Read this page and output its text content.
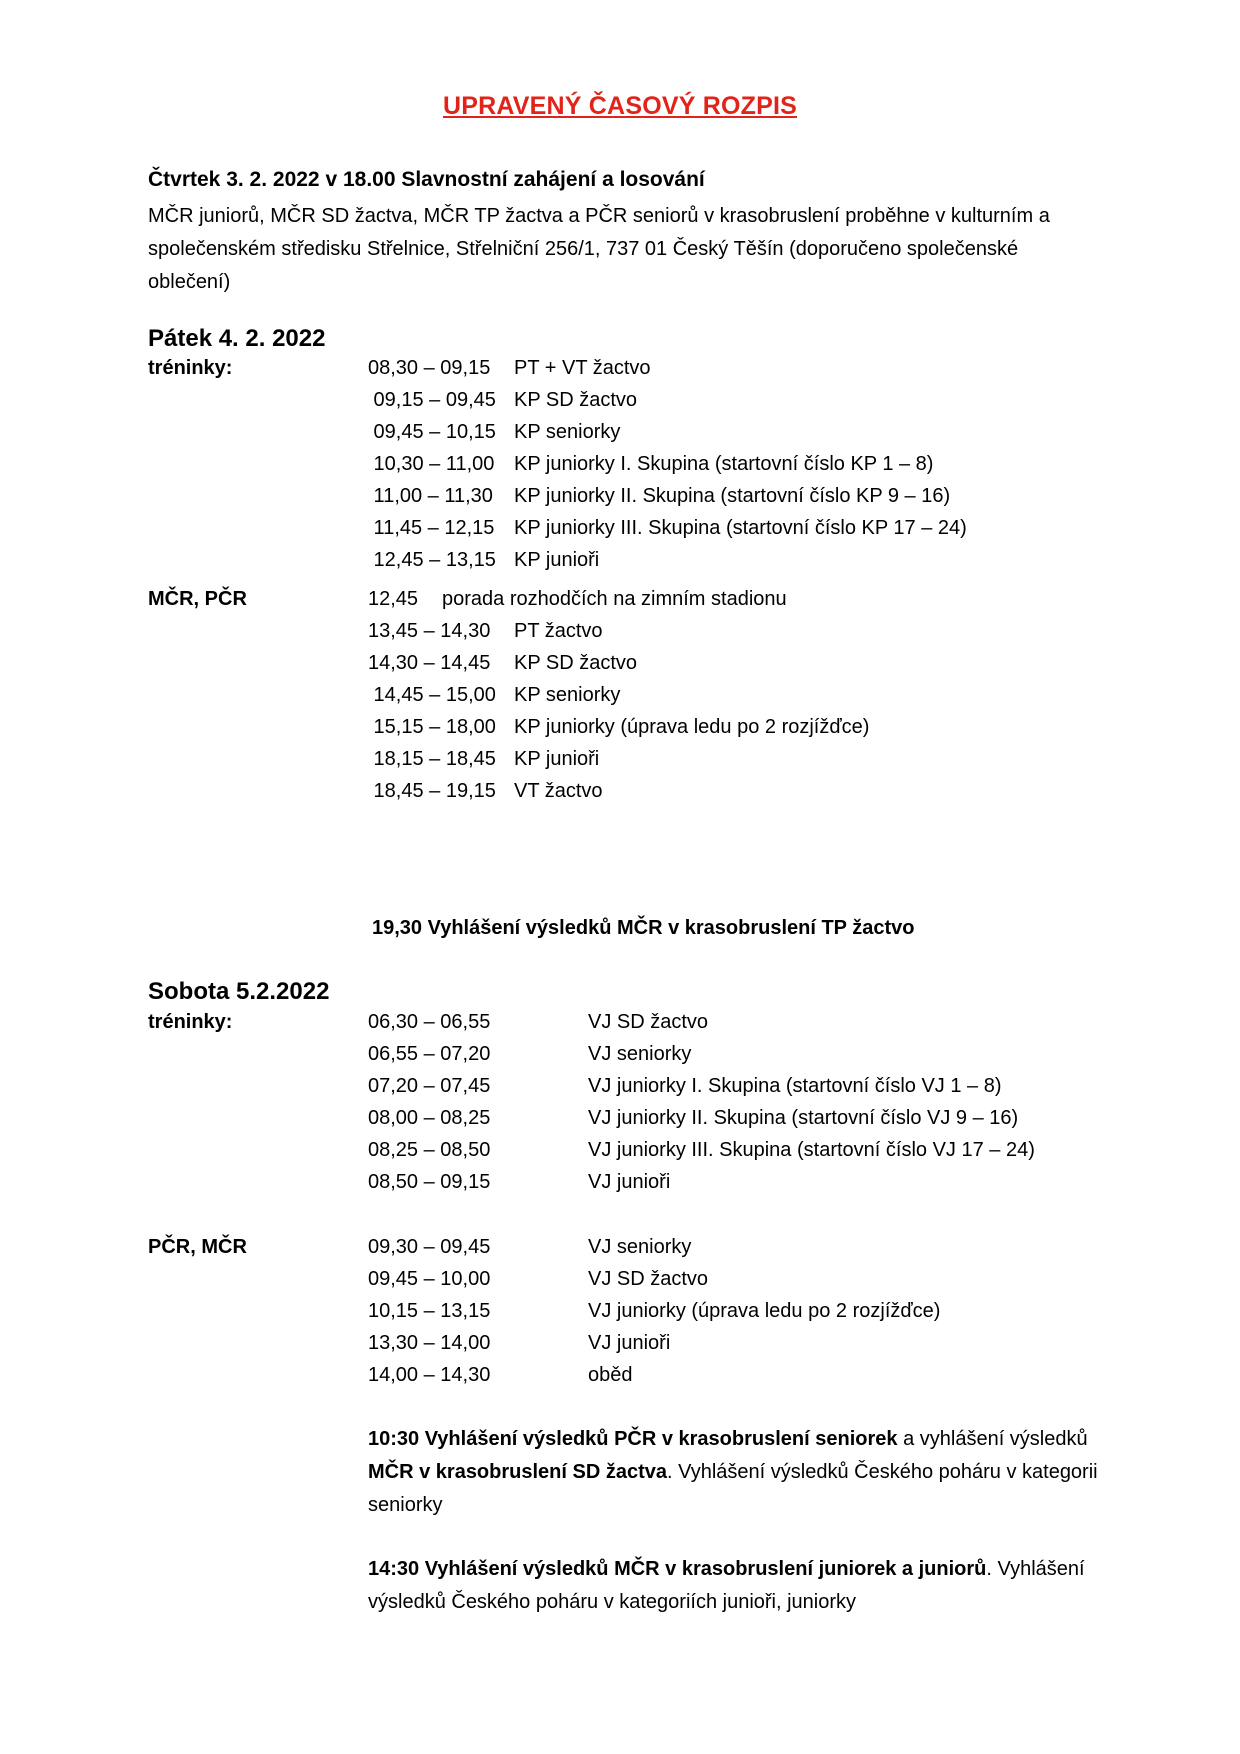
UPRAVENÝ ČASOVÝ ROZPIS
Čtvrtek 3. 2. 2022 v 18.00 Slavnostní zahájení a losování
MČR juniorů, MČR SD žactva, MČR TP žactva a PČR seniorů v krasobruslení proběhne v kulturním a společenském středisku Střelnice, Střelniční 256/1, 737 01 Český Těšín (doporučeno společenské oblečení)
Pátek 4. 2. 2022
tréninky:	08,30 – 09,15 PT + VT žactvo
09,15 – 09,45 KP SD žactvo
09,45 – 10,15 KP seniorky
10,30 – 11,00 KP juniorky I. Skupina (startovní číslo KP 1 – 8)
11,00 – 11,30 KP juniorky II. Skupina (startovní číslo KP 9 – 16)
11,45 – 12,15 KP juniorky III. Skupina (startovní číslo KP 17 – 24)
12,45 – 13,15 KP junioři
MČR, PČR	12,45 porada rozhodčích na zimním stadionu
13,45 – 14,30 PT žactvo
14,30 – 14,45 KP SD žactvo
14,45 – 15,00 KP seniorky
15,15 – 18,00 KP juniorky (úprava ledu po 2 rozjížďce)
18,15 – 18,45 KP junioři
18,45 – 19,15 VT žactvo
19,30 Vyhlášení výsledků MČR v krasobruslení TP žactvo
Sobota 5.2.2022
tréninky:	06,30 – 06,55	VJ SD žactvo
06,55 – 07,20	VJ seniorky
07,20 – 07,45	VJ juniorky I. Skupina (startovní číslo VJ 1 – 8)
08,00 – 08,25	VJ juniorky II. Skupina (startovní číslo VJ 9 – 16)
08,25 – 08,50	VJ juniorky III. Skupina (startovní číslo VJ 17 – 24)
08,50 – 09,15	VJ junioři
PČR, MČR	09,30 – 09,45	VJ seniorky
09,45 – 10,00	VJ SD žactvo
10,15 – 13,15	VJ juniorky (úprava ledu po 2 rozjížďce)
13,30 – 14,00	VJ junioři
14,00 – 14,30	oběd
10:30 Vyhlášení výsledků PČR v krasobruslení seniorek a vyhlášení výsledků MČR v krasobruslení SD žactva. Vyhlášení výsledků Českého poháru v kategorii seniorky
14:30 Vyhlášení výsledků MČR v krasobruslení juniorek a juniorů. Vyhlášení výsledků Českého poháru v kategoriích junioři, juniorky
